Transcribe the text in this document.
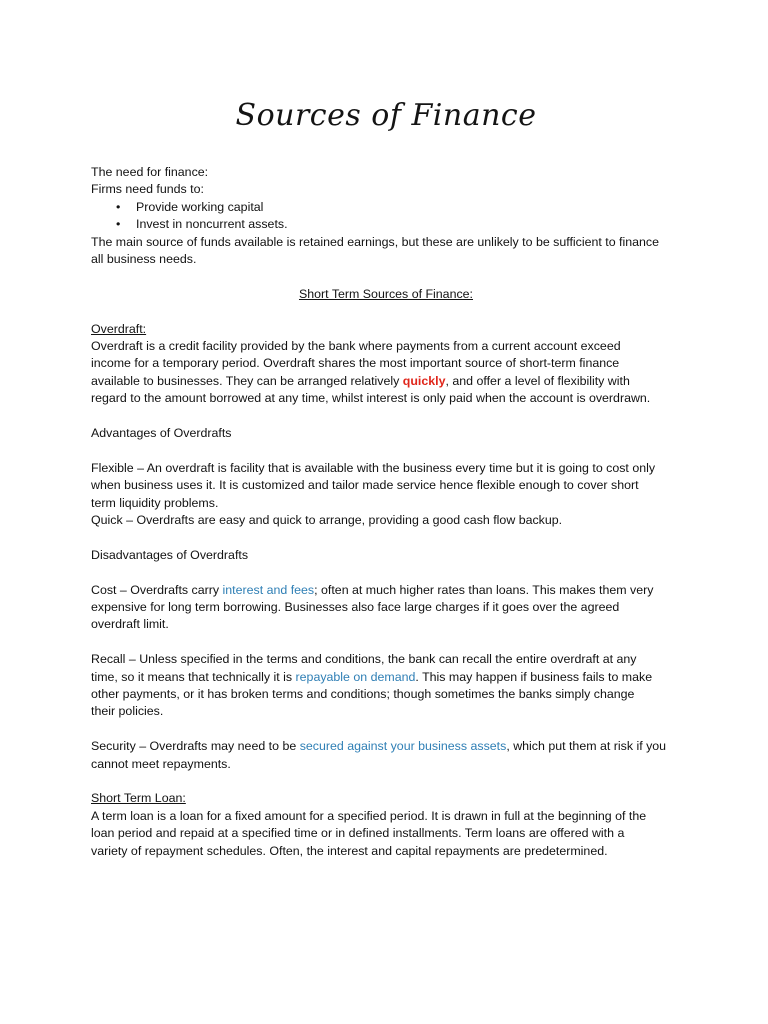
Sources of Finance

The need for finance:

Firms need funds to:

• Provide working capital
• Invest in noncurrent assets.

The main source of funds available is retained earnings, but these are unlikely to be sufficient to finance
all business needs.

Short Term Sources of Finance:

Overdraft:

Overdraft is a credit facility provided by the bank where payments from a current account exceed
income for a temporary period. Overdraft shares the most important source of short-term finance
available to businesses. They can be arranged relatively quickly, and offer a level of flexibility with
regard to the amount borrowed at any time, whilst interest is only paid when the account is overdrawn.

Advantages of Overdrafts

Flexible – An overdraft is facility that is available with the business every time but it is going to cost only
when business uses it. It is customized and tailor made service hence flexible enough to cover short
term liquidity problems.

Quick – Overdrafts are easy and quick to arrange, providing a good cash flow backup.

Disadvantages of Overdrafts

Cost – Overdrafts carry interest and fees; often at much higher rates than loans. This makes them very
expensive for long term borrowing. Businesses also face large charges if it goes over the agreed
overdraft limit.

Recall – Unless specified in the terms and conditions, the bank can recall the entire overdraft at any
time, so it means that technically it is repayable on demand. This may happen if business fails to make
other payments, or it has broken terms and conditions; though sometimes the banks simply change
their policies.

Security – Overdrafts may need to be secured against your business assets, which put them at risk if you
cannot meet repayments.

Short Term Loan:

A term loan is a loan for a fixed amount for a specified period. It is drawn in full at the beginning of the
loan period and repaid at a specified time or in defined installments. Term loans are offered with a
variety of repayment schedules. Often, the interest and capital repayments are predetermined.
